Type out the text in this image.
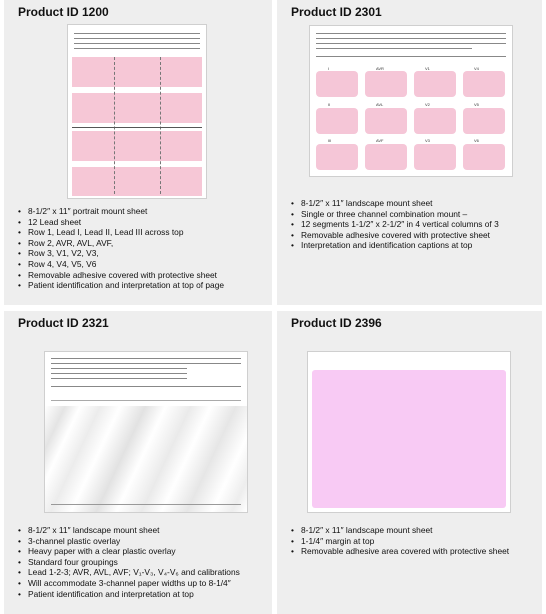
Product ID 1200
• 8-1/2″ x 11″ portrait mount sheet
• 12 Lead sheet
• Row 1, Lead I, Lead II, Lead III across top
• Row 2, AVR, AVL, AVF,
• Row 3, V1, V2, V3,
• Row 4, V4, V5, V6
• Removable adhesive covered with protective sheet
• Patient identification and interpretation at top of page
Product ID 2301
I	AVR	V1	V4
II	AVL	V2	V5
III	AVF	V3	V6
• 8-1/2″ x 11″ landscape mount sheet
• Single or three channel combination mount –
• 12 segments 1-1/2″ x 2-1/2″ in 4 vertical columns of 3
• Removable adhesive covered with protective sheet
• Interpretation and identification captions at top
Product ID 2321
• 8-1/2″ x 11″ landscape mount sheet
• 3-channel plastic overlay
• Heavy paper with a clear plastic overlay
• Standard four groupings
• Lead 1-2-3; AVR, AVL, AVF; V₁-V₃, V₄-V₆ and calibrations
• Will accommodate 3-channel paper widths up to 8-1/4″
• Patient identification and interpretation at top
Product ID 2396
• 8-1/2″ x 11″ landscape mount sheet
• 1-1/4″ margin at top
• Removable adhesive area covered with protective sheet
